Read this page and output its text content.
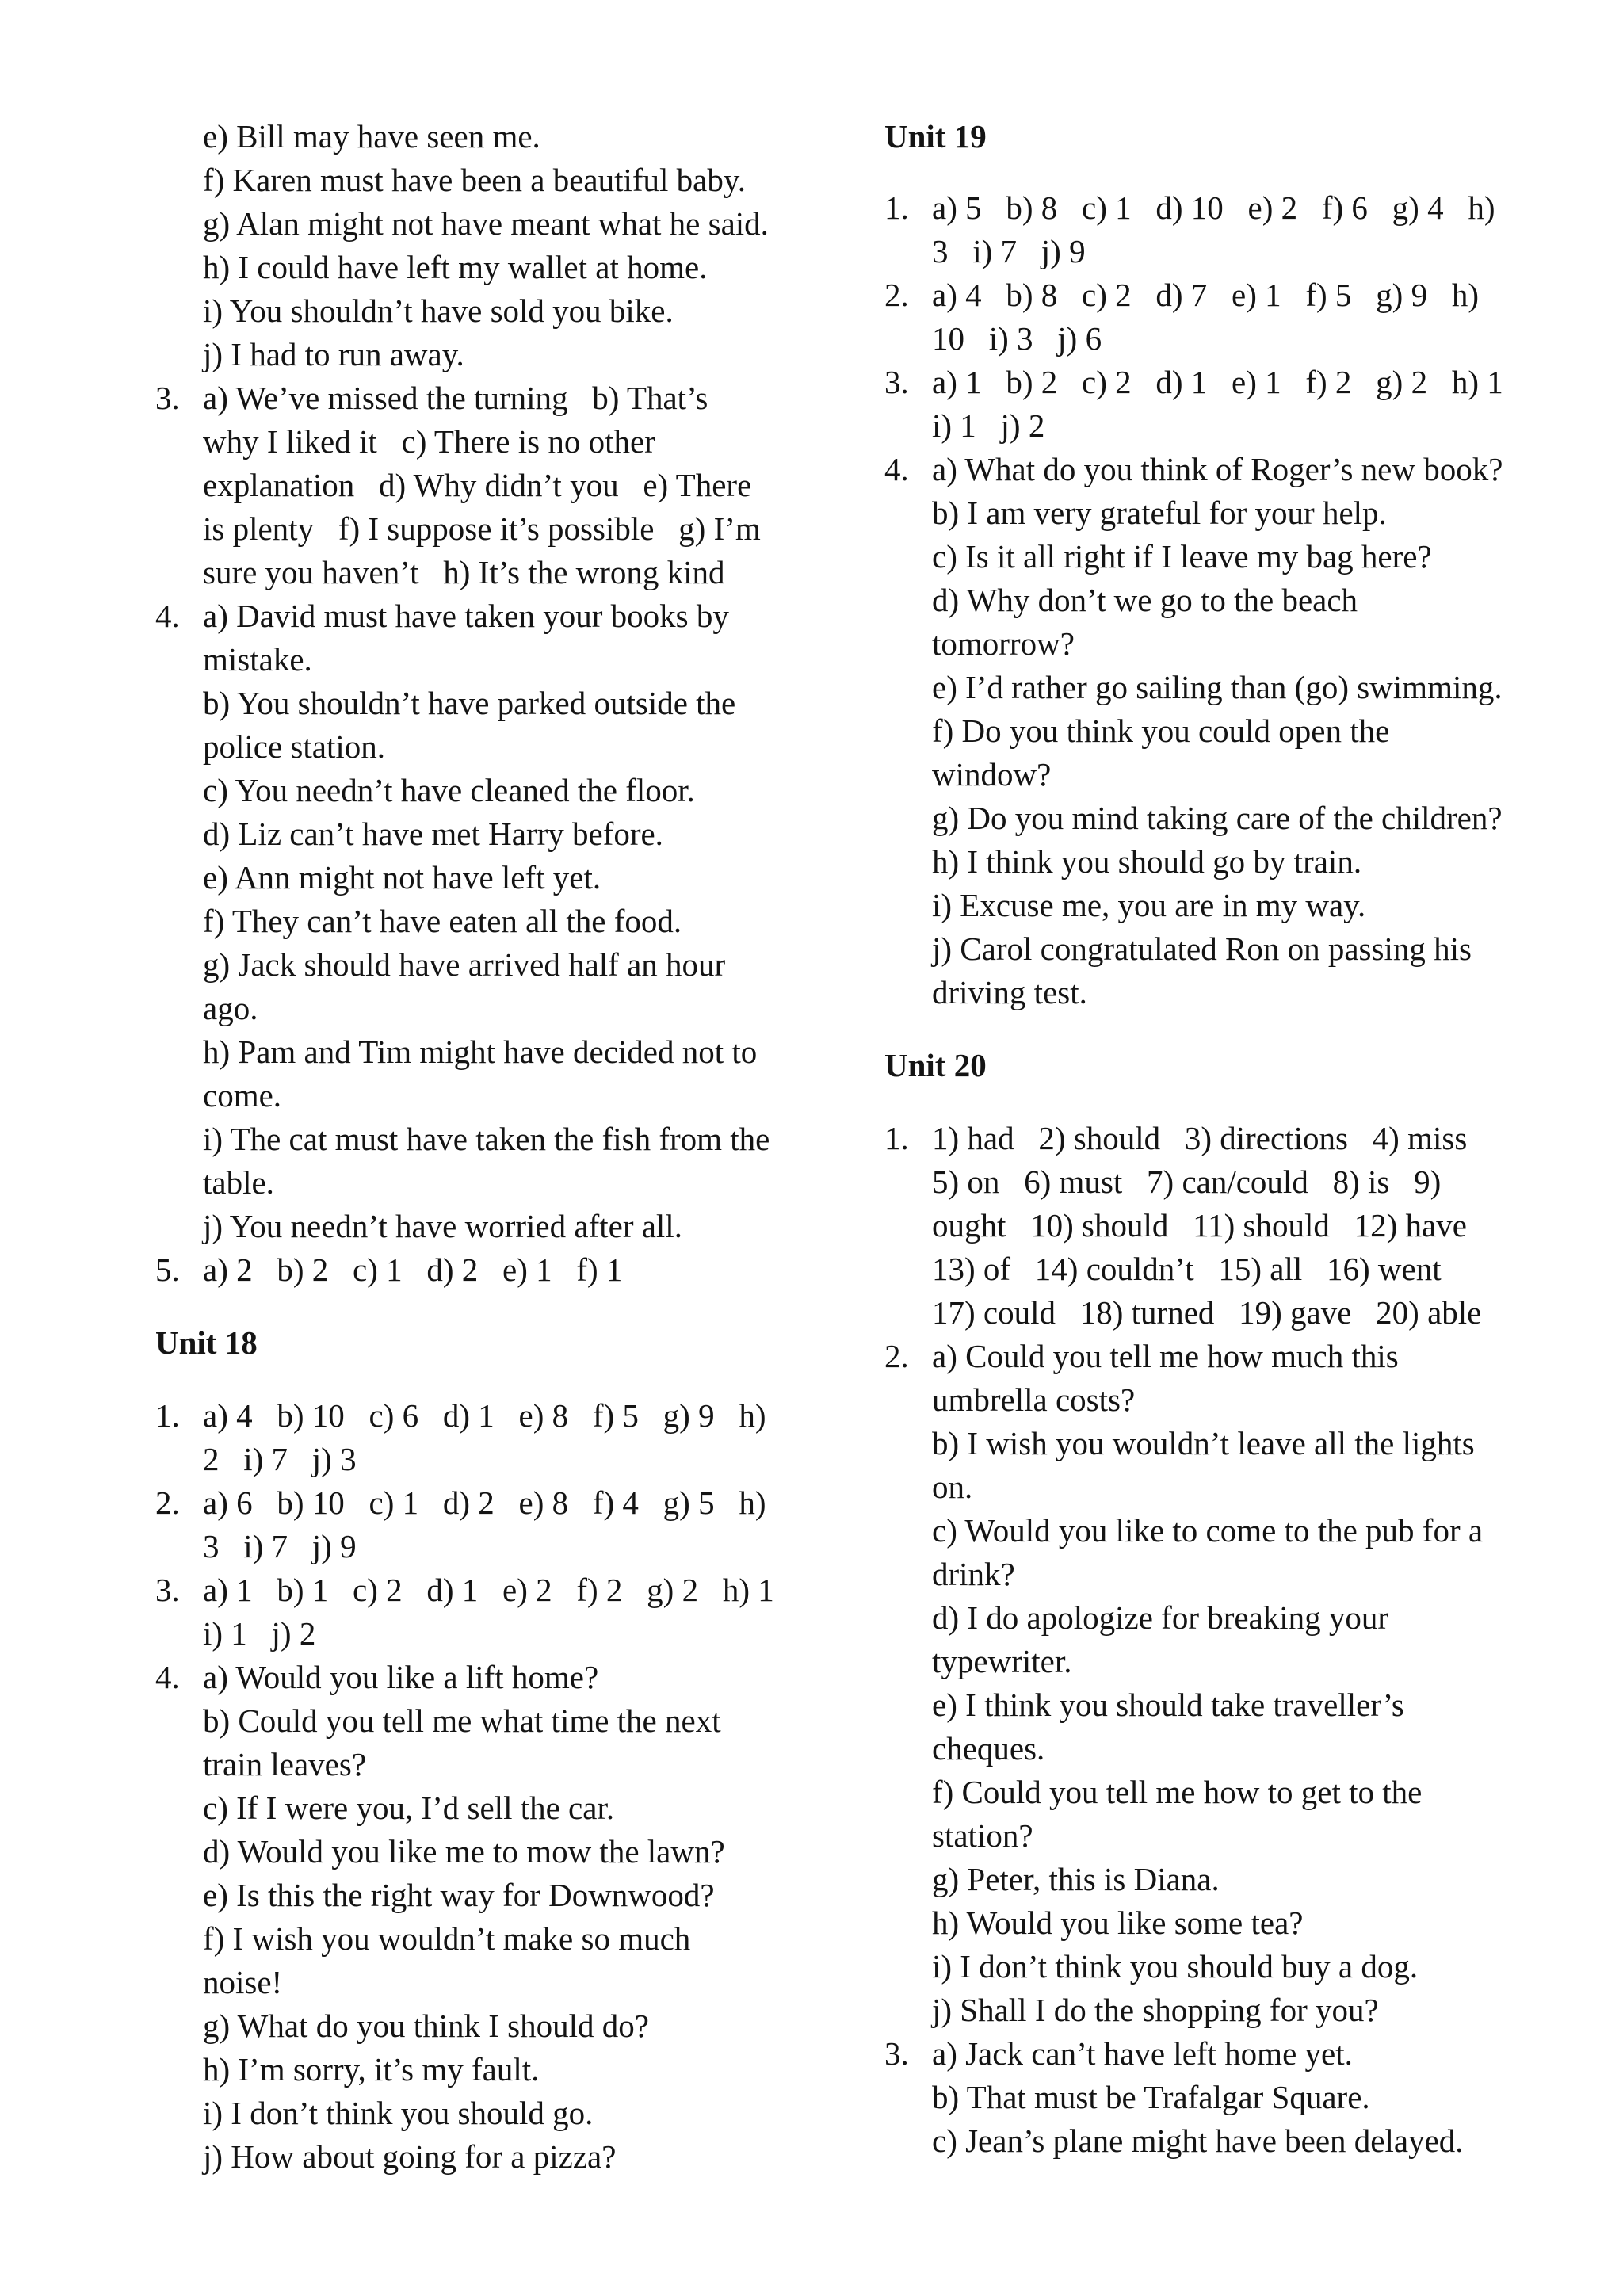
e) Bill may have seen me.
f) Karen must have been a beautiful baby.
g) Alan might not have meant what he said.
h) I could have left my wallet at home.
i) You shouldn’t have sold you bike.
j) I had to run away.
3. a) We’ve missed the turning   b) That’s
why I liked it   c) There is no other
explanation   d) Why didn’t you   e) There
is plenty   f) I suppose it’s possible   g) I’m
sure you haven’t   h) It’s the wrong kind
4. a) David must have taken your books by
mistake.
b) You shouldn’t have parked outside the
police station.
c) You needn’t have cleaned the floor.
d) Liz can’t have met Harry before.
e) Ann might not have left yet.
f) They can’t have eaten all the food.
g) Jack should have arrived half an hour
ago.
h) Pam and Tim might have decided not to
come.
i) The cat must have taken the fish from the
table.
j) You needn’t have worried after all.
5. a) 2   b) 2   c) 1   d) 2   e) 1   f) 1
Unit 18
1. a) 4   b) 10   c) 6   d) 1   e) 8   f) 5   g) 9   h)
2   i) 7   j) 3
2. a) 6   b) 10   c) 1   d) 2   e) 8   f) 4   g) 5   h)
3   i) 7   j) 9
3. a) 1   b) 1   c) 2   d) 1   e) 2   f) 2   g) 2   h) 1
i) 1   j) 2
4. a) Would you like a lift home?
b) Could you tell me what time the next
train leaves?
c) If I were you, I’d sell the car.
d) Would you like me to mow the lawn?
e) Is this the right way for Downwood?
f) I wish you wouldn’t make so much
noise!
g) What do you think I should do?
h) I’m sorry, it’s my fault.
i) I don’t think you should go.
j) How about going for a pizza?
Unit 19
1. a) 5   b) 8   c) 1   d) 10   e) 2   f) 6   g) 4   h)
3   i) 7   j) 9
2. a) 4   b) 8   c) 2   d) 7   e) 1   f) 5   g) 9   h)
10   i) 3   j) 6
3. a) 1   b) 2   c) 2   d) 1   e) 1   f) 2   g) 2   h) 1
i) 1   j) 2
4. a) What do you think of Roger’s new book?
b) I am very grateful for your help.
c) Is it all right if I leave my bag here?
d) Why don’t we go to the beach
tomorrow?
e) I’d rather go sailing than (go) swimming.
f) Do you think you could open the
window?
g) Do you mind taking care of the children?
h) I think you should go by train.
i) Excuse me, you are in my way.
j) Carol congratulated Ron on passing his
driving test.
Unit 20
1. 1) had   2) should   3) directions   4) miss
5) on   6) must   7) can/could   8) is   9)
ought   10) should   11) should   12) have
13) of   14) couldn’t   15) all   16) went
17) could   18) turned   19) gave   20) able
2. a) Could you tell me how much this
umbrella costs?
b) I wish you wouldn’t leave all the lights
on.
c) Would you like to come to the pub for a
drink?
d) I do apologize for breaking your
typewriter.
e) I think you should take traveller’s
cheques.
f) Could you tell me how to get to the
station?
g) Peter, this is Diana.
h) Would you like some tea?
i) I don’t think you should buy a dog.
j) Shall I do the shopping for you?
3. a) Jack can’t have left home yet.
b) That must be Trafalgar Square.
c) Jean’s plane might have been delayed.
